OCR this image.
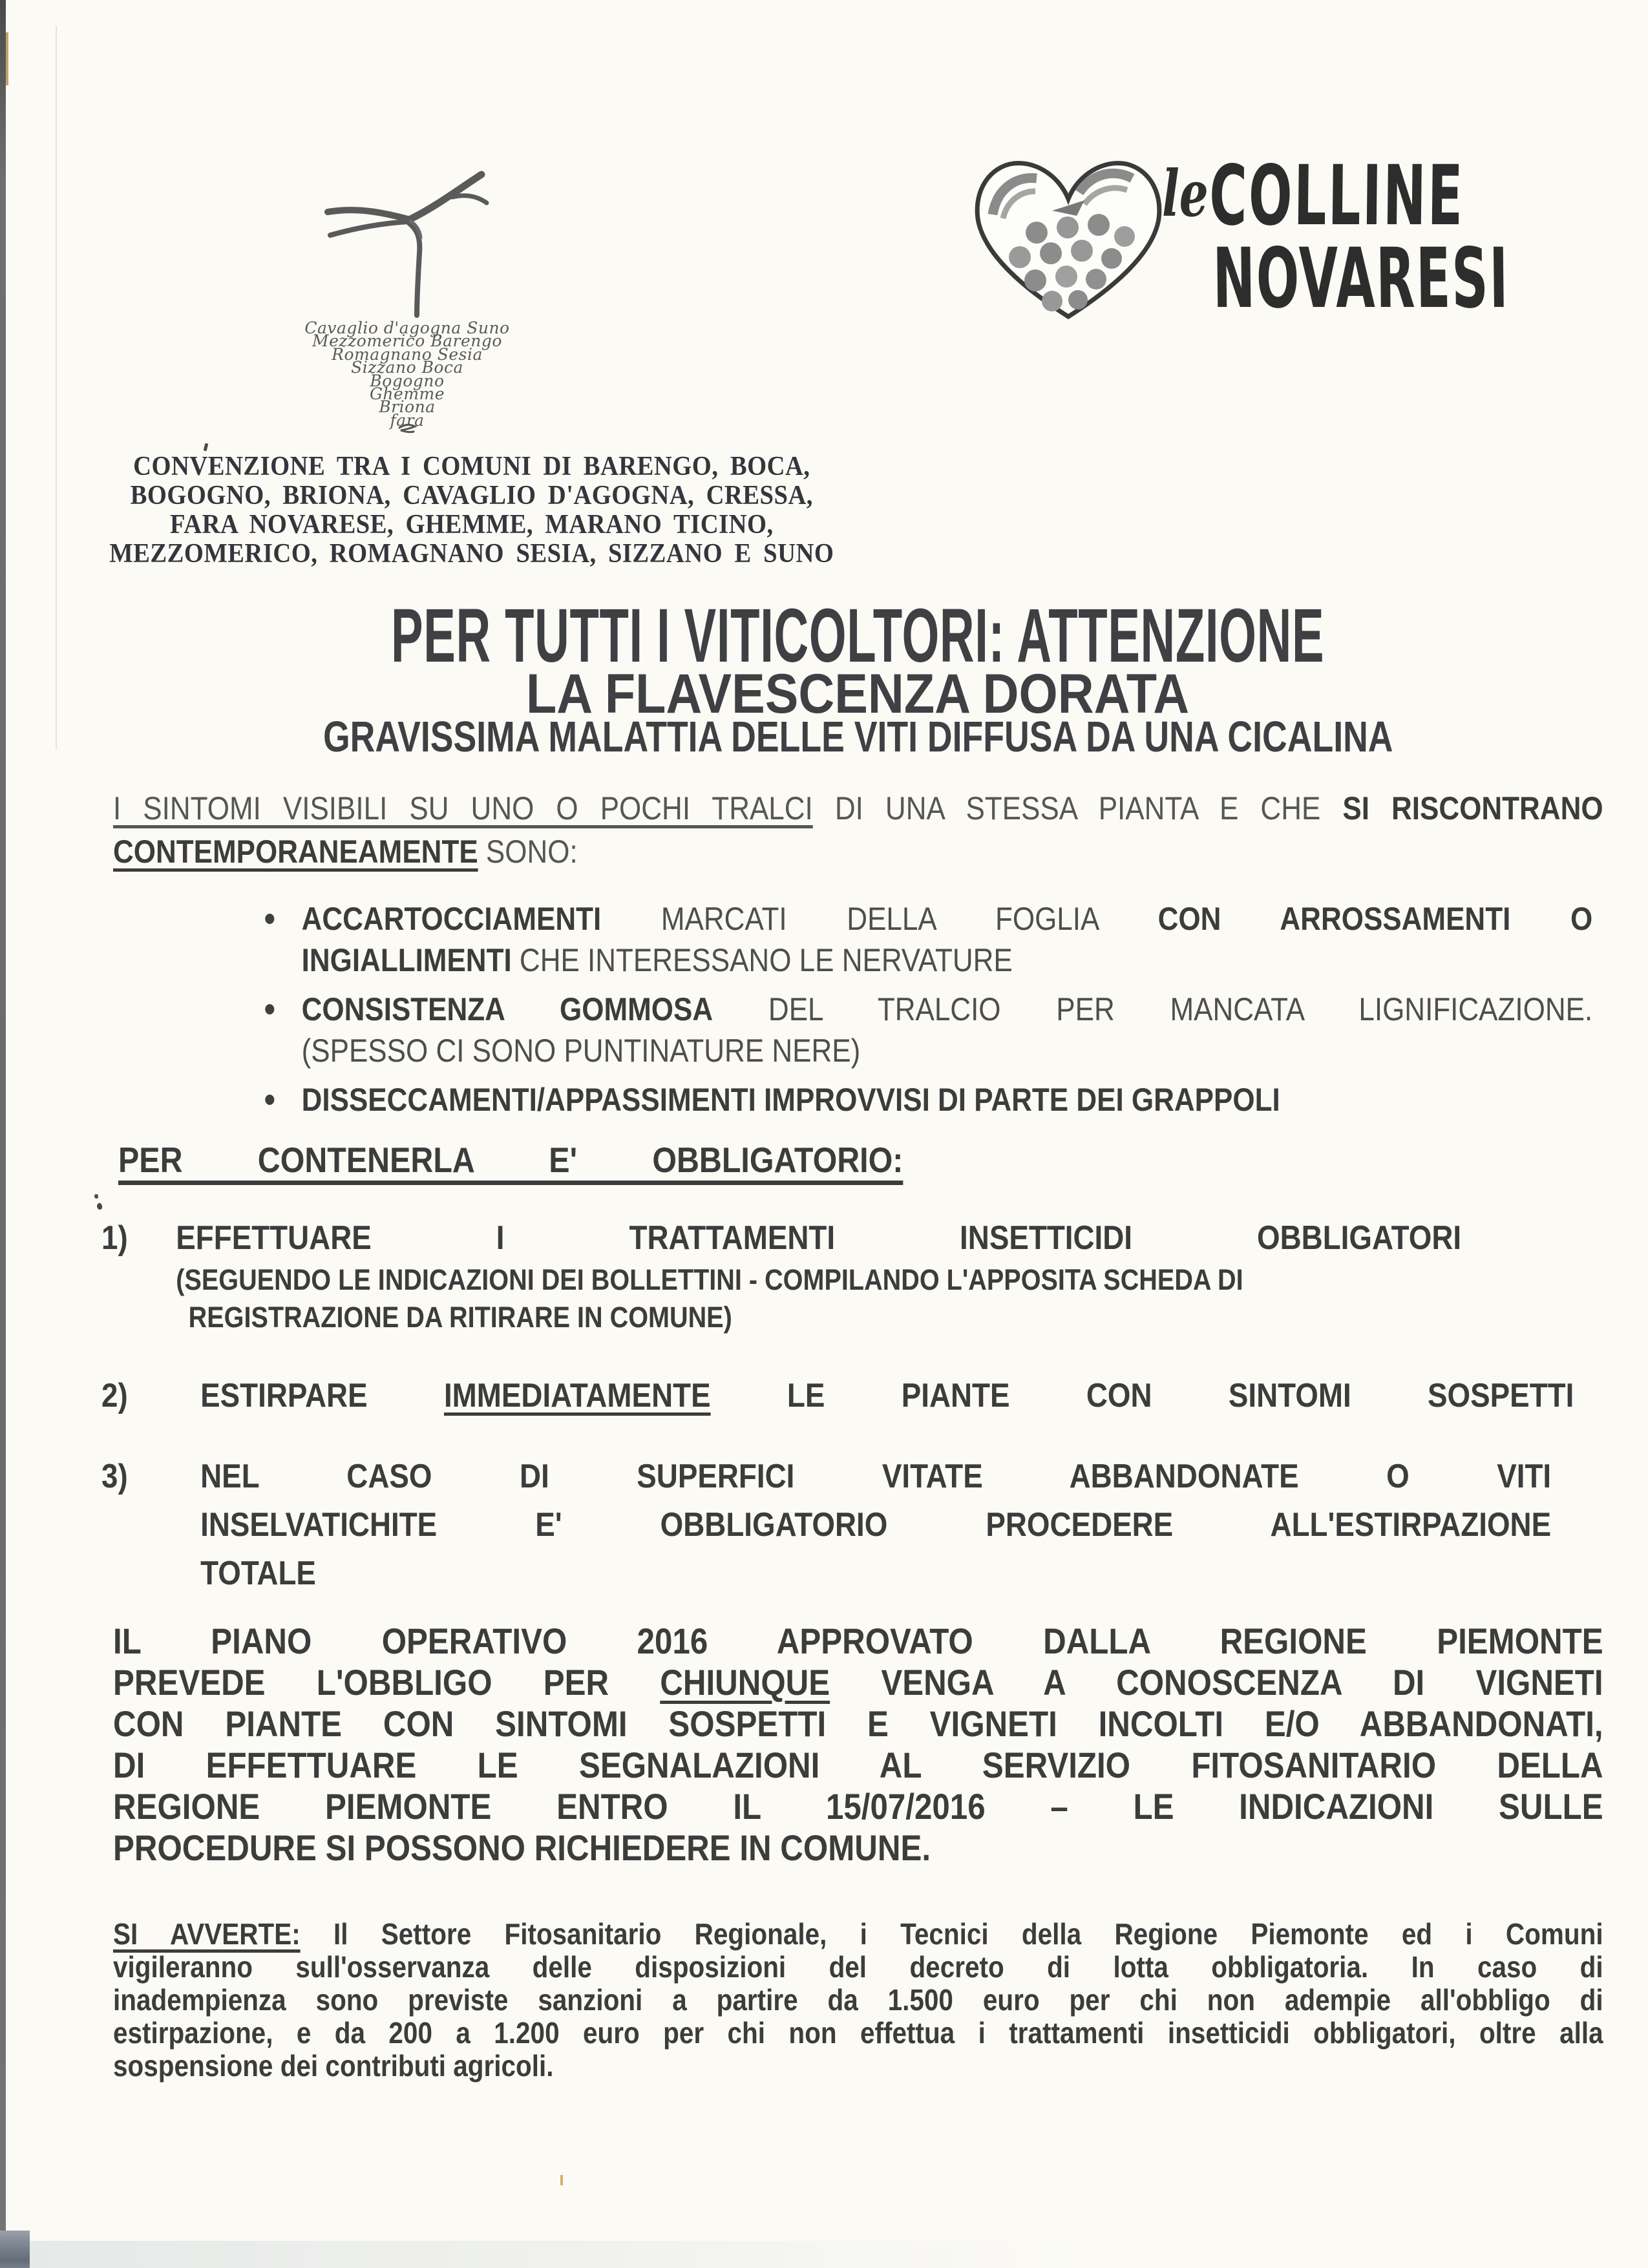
Cavaglio d'agogna Suno
Mezzomerico Barengo
Romagnano Sesia
Sizzano Boca
Bogogno
Ghemme
Briona
fara
le COLLINE
NOVARESI
CONVENZIONE TRA I COMUNI DI BARENGO, BOCA,
BOGOGNO, BRIONA, CAVAGLIO D'AGOGNA, CRESSA,
FARA NOVARESE, GHEMME, MARANO TICINO,
MEZZOMERICO, ROMAGNANO SESIA, SIZZANO E SUNO
PER TUTTI I VITICOLTORI: ATTENZIONE
LA FLAVESCENZA DORATA
GRAVISSIMA MALATTIA DELLE VITI DIFFUSA DA UNA CICALINA
I SINTOMI VISIBILI SU UNO O POCHI TRALCI DI UNA STESSA PIANTA E CHE SI RISCONTRANO
CONTEMPORANEAMENTE SONO:
ACCARTOCCIAMENTI MARCATI DELLA FOGLIA CON ARROSSAMENTI O
INGIALLIMENTI CHE INTERESSANO LE NERVATURE
CONSISTENZA GOMMOSA DEL TRALCIO PER MANCATA LIGNIFICAZIONE.
(SPESSO CI SONO PUNTINATURE NERE)
DISSECCAMENTI/APPASSIMENTI IMPROVVISI DI PARTE DEI GRAPPOLI
PER CONTENERLA E' OBBLIGATORIO:
1)	EFFETTUARE I TRATTAMENTI INSETTICIDI OBBLIGATORI
(SEGUENDO LE INDICAZIONI DEI BOLLETTINI - COMPILANDO L'APPOSITA SCHEDA DI
REGISTRAZIONE DA RITIRARE IN COMUNE)
2)	ESTIRPARE IMMEDIATAMENTE LE PIANTE CON SINTOMI SOSPETTI
3)	NEL CASO DI SUPERFICI VITATE ABBANDONATE O VITI
INSELVATICHITE E' OBBLIGATORIO PROCEDERE ALL'ESTIRPAZIONE
TOTALE
IL PIANO OPERATIVO 2016 APPROVATO DALLA REGIONE PIEMONTE
PREVEDE L'OBBLIGO PER CHIUNQUE VENGA A CONOSCENZA DI VIGNETI
CON PIANTE CON SINTOMI SOSPETTI E VIGNETI INCOLTI E/O ABBANDONATI,
DI EFFETTUARE LE SEGNALAZIONI AL SERVIZIO FITOSANITARIO DELLA
REGIONE PIEMONTE ENTRO IL 15/07/2016 – LE INDICAZIONI SULLE
PROCEDURE SI POSSONO RICHIEDERE IN COMUNE.
SI AVVERTE: Il Settore Fitosanitario Regionale, i Tecnici della Regione Piemonte ed i Comuni
vigileranno sull'osservanza delle disposizioni del decreto di lotta obbligatoria. In caso di
inadempienza sono previste sanzioni a partire da 1.500 euro per chi non adempie all'obbligo di
estirpazione, e da 200 a 1.200 euro per chi non effettua i trattamenti insetticidi obbligatori, oltre alla
sospensione dei contributi agricoli.
